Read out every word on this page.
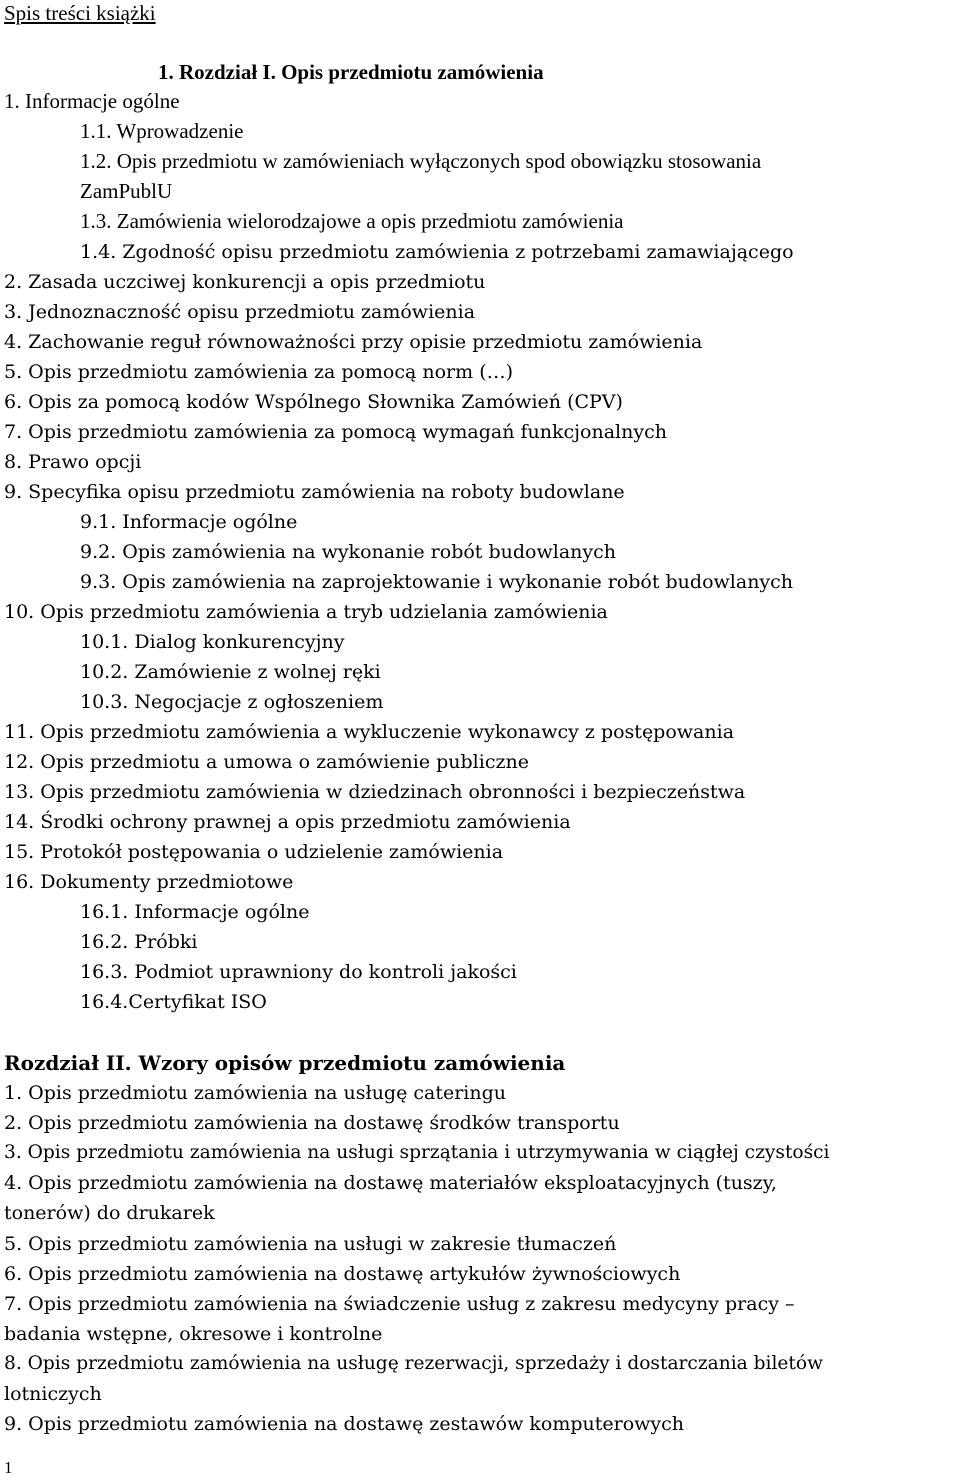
Spis treści książki
1. Rozdział I. Opis przedmiotu zamówienia
1. Informacje ogólne
1.1. Wprowadzenie
1.2. Opis przedmiotu w zamówieniach wyłączonych spod obowiązku stosowania
ZamPublU
1.3. Zamówienia wielorodzajowe a opis przedmiotu zamówienia
1.4. Zgodność opisu przedmiotu zamówienia z potrzebami zamawiającego
2. Zasada uczciwej konkurencji a opis przedmiotu
3. Jednoznaczność opisu przedmiotu zamówienia
4. Zachowanie reguł równoważności przy opisie przedmiotu zamówienia
5. Opis przedmiotu zamówienia za pomocą norm (…)
6. Opis za pomocą kodów Wspólnego Słownika Zamówień (CPV)
7. Opis przedmiotu zamówienia za pomocą wymagań funkcjonalnych
8. Prawo opcji
9. Specyfika opisu przedmiotu zamówienia na roboty budowlane
9.1. Informacje ogólne
9.2. Opis zamówienia na wykonanie robót budowlanych
9.3. Opis zamówienia na zaprojektowanie i wykonanie robót budowlanych
10. Opis przedmiotu zamówienia a tryb udzielania zamówienia
10.1. Dialog konkurencyjny
10.2. Zamówienie z wolnej ręki
10.3. Negocjacje z ogłoszeniem
11. Opis przedmiotu zamówienia a wykluczenie wykonawcy z postępowania
12. Opis przedmiotu a umowa o zamówienie publiczne
13. Opis przedmiotu zamówienia w dziedzinach obronności i bezpieczeństwa
14. Środki ochrony prawnej a opis przedmiotu zamówienia
15. Protokół postępowania o udzielenie zamówienia
16. Dokumenty przedmiotowe
16.1. Informacje ogólne
16.2. Próbki
16.3. Podmiot uprawniony do kontroli jakości
16.4.Certyfikat ISO
Rozdział II. Wzory opisów przedmiotu zamówienia
1. Opis przedmiotu zamówienia na usługę cateringu
2. Opis przedmiotu zamówienia na dostawę środków transportu
3. Opis przedmiotu zamówienia na usługi sprzątania i utrzymywania w ciągłej czystości
4. Opis przedmiotu zamówienia na dostawę materiałów eksploatacyjnych (tuszy,
tonerów) do drukarek
5. Opis przedmiotu zamówienia na usługi w zakresie tłumaczeń
6. Opis przedmiotu zamówienia na dostawę artykułów żywnościowych
7. Opis przedmiotu zamówienia na świadczenie usług z zakresu medycyny pracy –
badania wstępne, okresowe i kontrolne
8. Opis przedmiotu zamówienia na usługę rezerwacji, sprzedaży i dostarczania biletów
lotniczych
9. Opis przedmiotu zamówienia na dostawę zestawów komputerowych
1
